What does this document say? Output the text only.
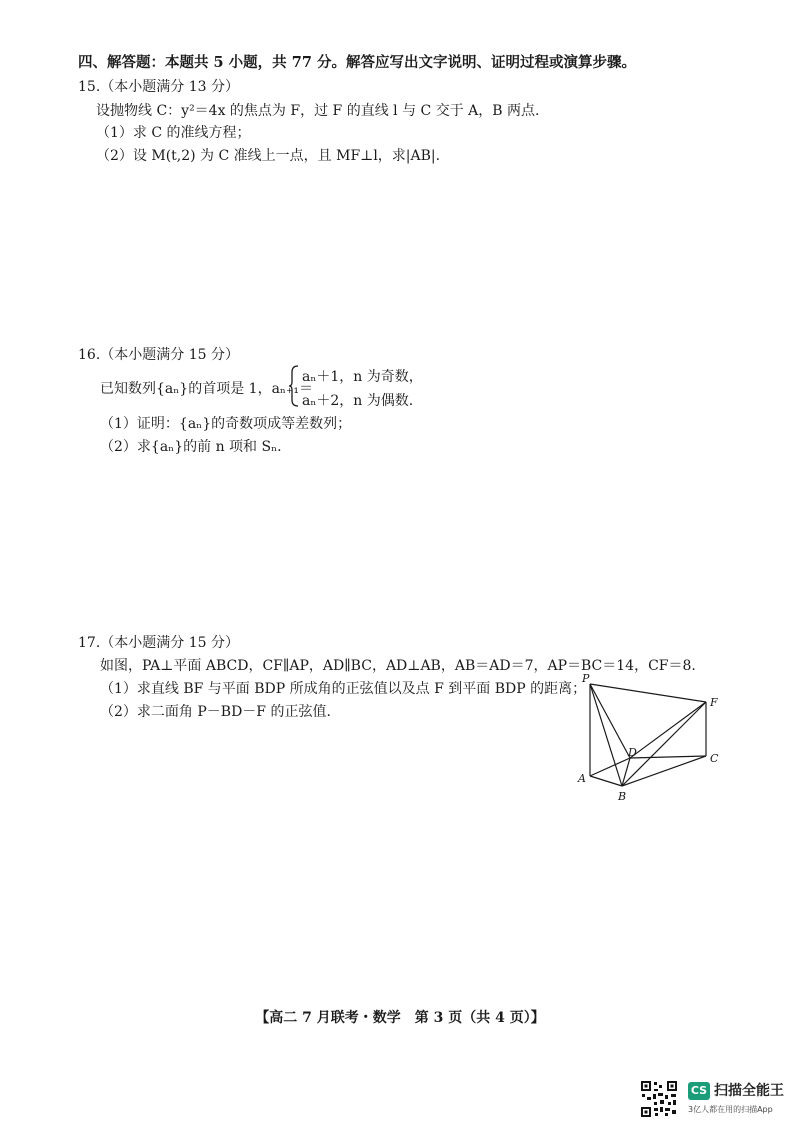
四、解答题：本题共 5 小题，共 77 分。解答应写出文字说明、证明过程或演算步骤。
15.（本小题满分 13 分）
设抛物线 C：y²＝4x 的焦点为 F，过 F 的直线 l 与 C 交于 A，B 两点.
（1）求 C 的准线方程；
（2）设 M(t,2) 为 C 准线上一点，且 MF⊥l，求|AB|.
16.（本小题满分 15 分）
已知数列{aₙ}的首项是 1，aₙ₊₁＝
aₙ＋1，n 为奇数，
aₙ＋2，n 为偶数.
（1）证明：{aₙ}的奇数项成等差数列；
（2）求{aₙ}的前 n 项和 Sₙ.
17.（本小题满分 15 分）
如图，PA⊥平面 ABCD，CF∥AP，AD∥BC，AD⊥AB，AB＝AD＝7，AP＝BC＝14，CF＝8.
（1）求直线 BF 与平面 BDP 所成角的正弦值以及点 F 到平面 BDP 的距离；
（2）求二面角 P－BD－F 的正弦值.
P
F
D	C
A
B
【高二 7 月联考・数学　第 3 页（共 4 页）】
CS 扫描全能王
3亿人都在用的扫描App
